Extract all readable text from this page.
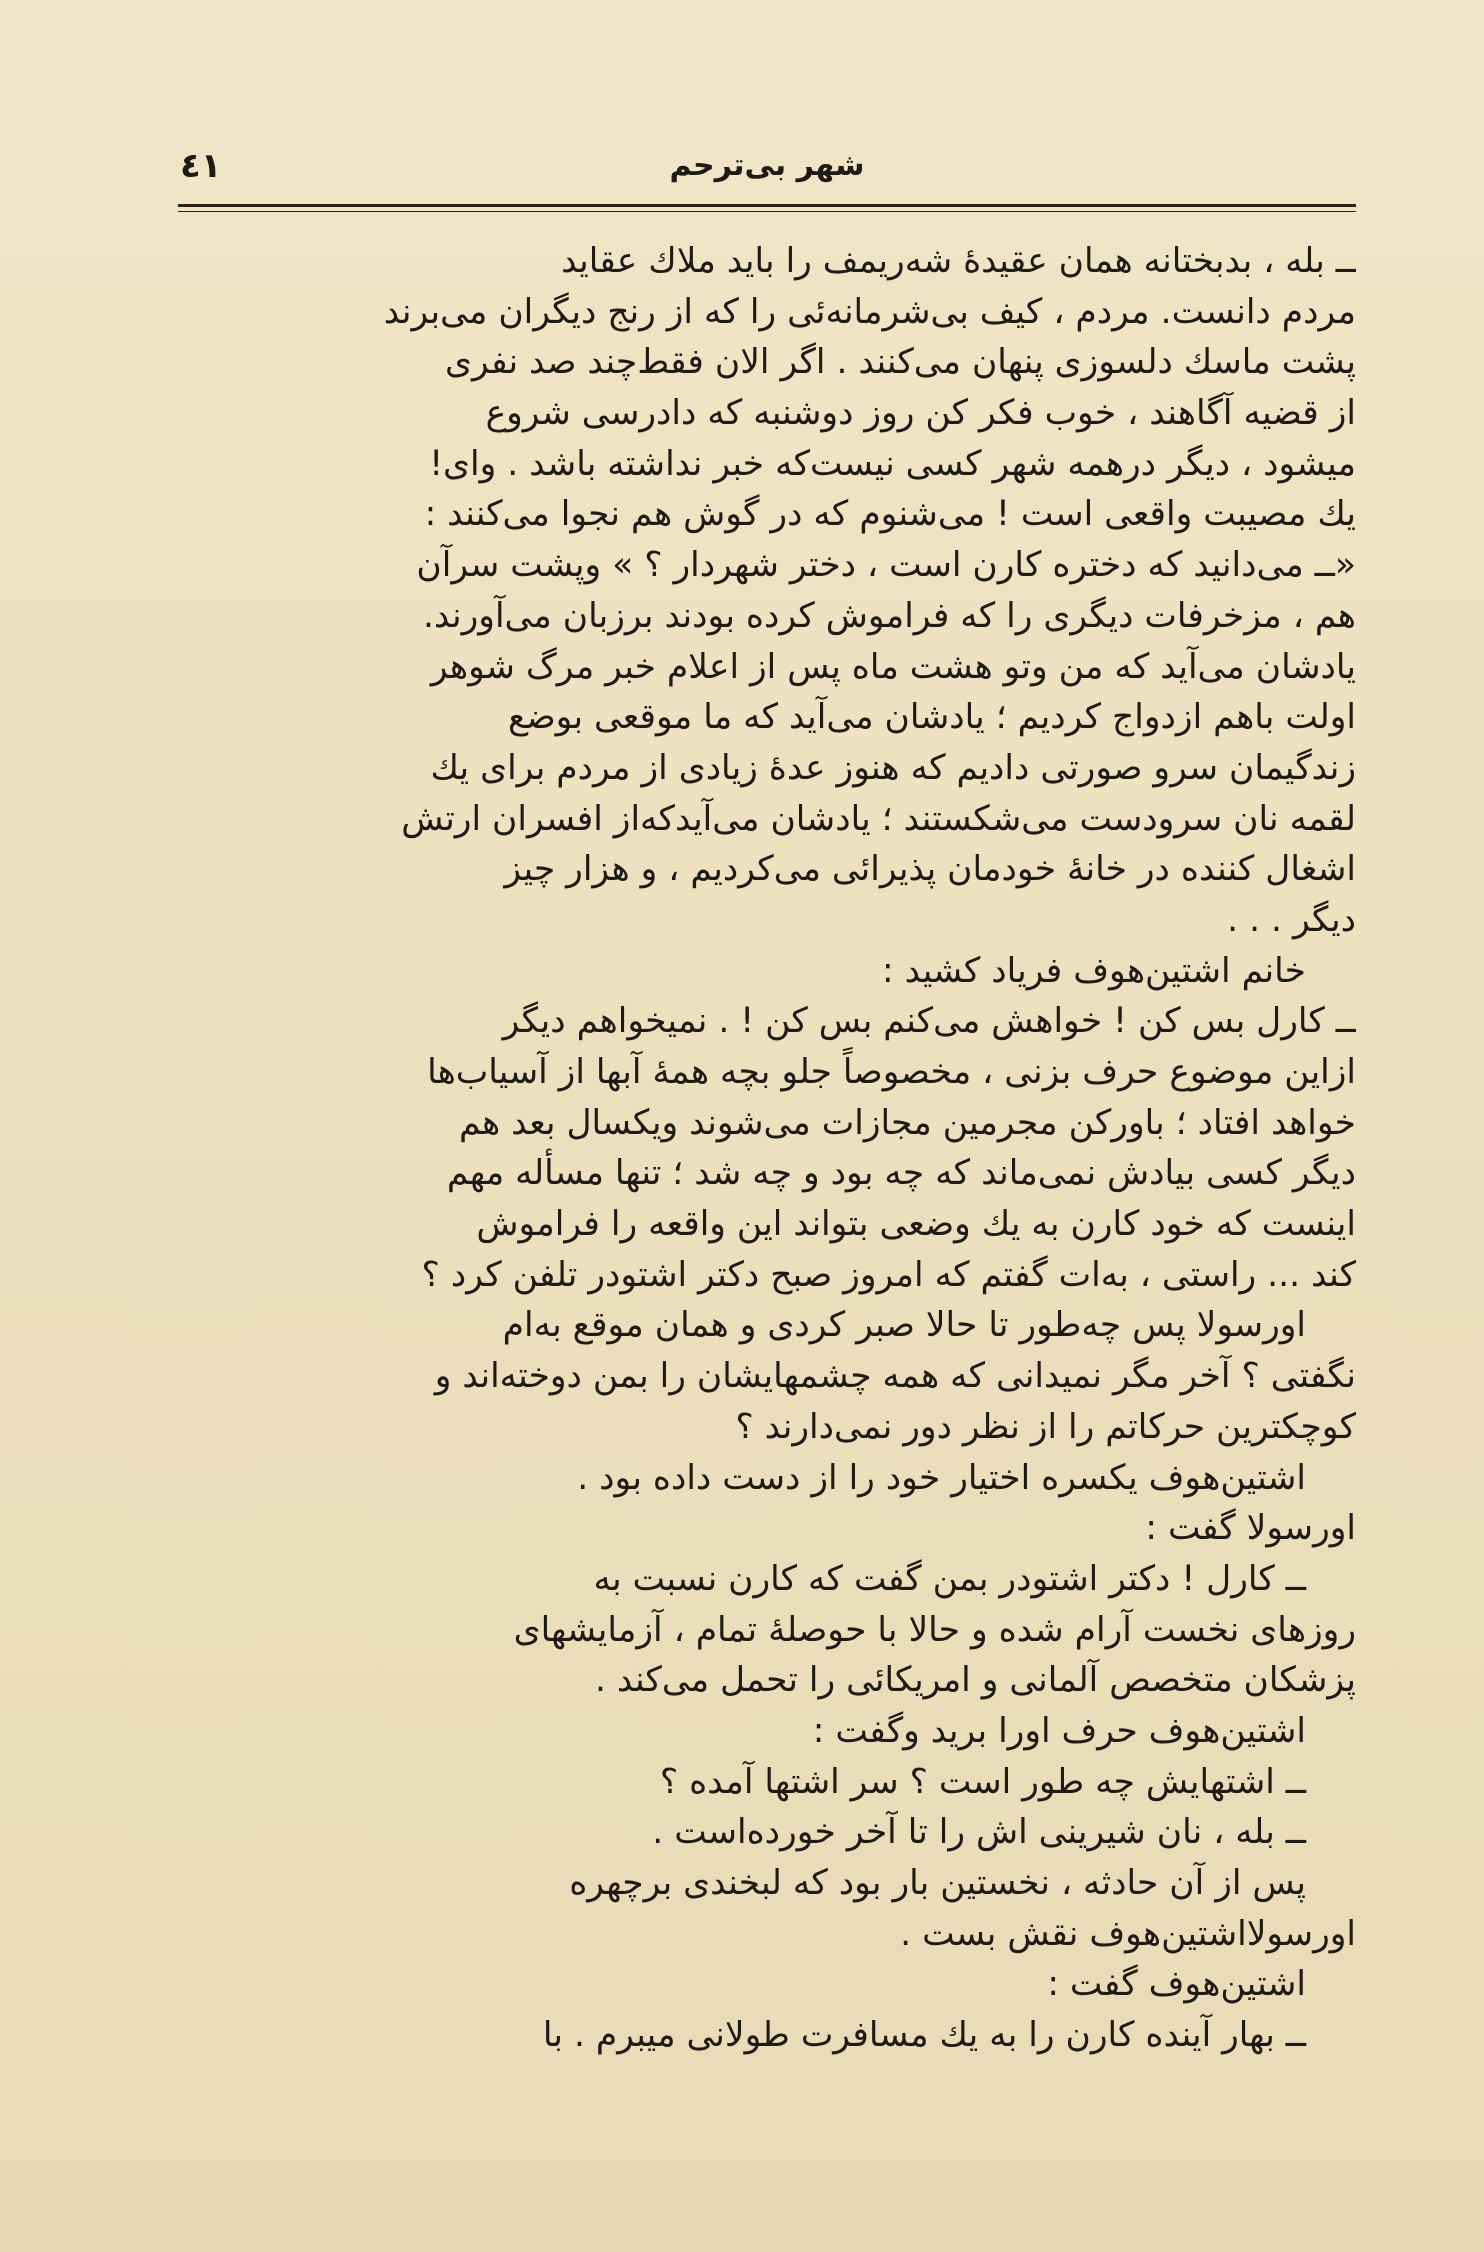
٤١	شهر بی‌ترحم
ــ بله ، بدبختانه همان عقیدهٔ شه‌ریمف را باید ملاك عقاید
مردم دانست. مردم ، کیف بی‌شرمانه‌ئی را که از رنج دیگران می‌برند
پشت ماسك دلسوزی پنهان می‌کنند . اگر الان فقط‌چند صد نفری
از قضیه آگاهند ، خوب فکر کن روز دوشنبه که دادرسی شروع
میشود ، دیگر درهمه شهر کسی نیست‌که خبر نداشته باشد . وای!
یك مصیبت واقعی است ! می‌شنوم که در گوش هم نجوا می‌کنند :
«ــ می‌دانید که دختره کارن است ، دختر شهردار ؟ » وپشت سرآن
هم ، مزخرفات دیگری را که فراموش کرده بودند برزبان می‌آورند.
یادشان می‌آید که من وتو هشت ماه پس از اعلام خبر مرگ شوهر
اولت باهم ازدواج کردیم ؛ یادشان می‌آید که ما موقعی بوضع
زندگیمان سرو صورتی دادیم که هنوز عدهٔ زیادی از مردم برای یك
لقمه نان سرودست می‌شکستند ؛ یادشان می‌آیدکه‌از افسران ارتش
اشغال کننده در خانهٔ خودمان پذیرائی می‌کردیم ، و هزار چیز
دیگر . . .
خانم اشتین‌هوف فریاد کشید :
ــ کارل بس کن ! خواهش می‌کنم بس کن ! . نمیخواهم دیگر
ازاین موضوع حرف بزنی ، مخصوصاً جلو بچه همهٔ آبها از آسیاب‌ها
خواهد افتاد ؛ باورکن مجرمین مجازات می‌شوند ویکسال بعد هم
دیگر کسی بیادش نمی‌ماند که چه بود و چه شد ؛ تنها مسأله مهم
اینست که خود کارن به یك وضعی بتواند این واقعه را فراموش
کند ... راستی ، به‌ات گفتم که امروز صبح دکتر اشتودر تلفن کرد ؟
اورسولا پس چه‌طور تا حالا صبر کردی و همان موقع به‌ام
نگفتی ؟ آخر مگر نمیدانی که همه چشمهایشان را بمن دوخته‌اند و
کوچکترین حرکاتم را از نظر دور نمی‌دارند ؟
اشتین‌هوف یکسره اختیار خود را از دست داده بود .
اورسولا گفت :
ــ کارل ! دکتر اشتودر بمن گفت که کارن نسبت به
روزهای نخست آرام شده و حالا با حوصلهٔ تمام ، آزمایشهای
پزشکان متخصص آلمانی و امریکائی را تحمل می‌کند .
اشتین‌هوف حرف اورا برید وگفت :
ــ اشتهایش چه طور است ؟ سر اشتها آمده ؟
ــ بله ، نان شیرینی اش را تا آخر خورده‌است .
پس از آن حادثه ، نخستین بار بود که لبخندی برچهره
اورسولااشتین‌هوف نقش بست .
اشتین‌هوف گفت :
ــ بهار آینده کارن را به یك مسافرت طولانی میبرم . با
